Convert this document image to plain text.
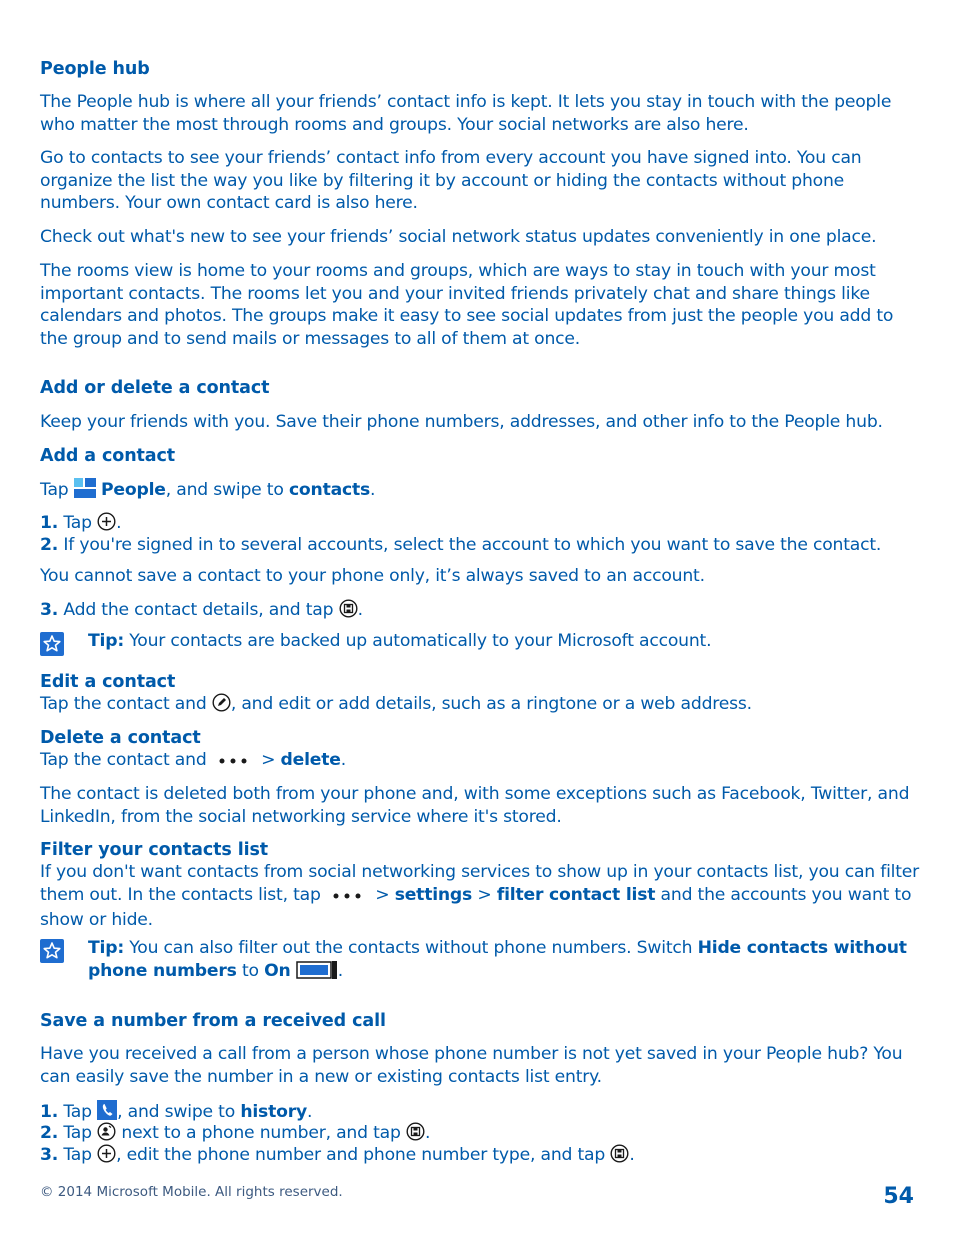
People hub
The People hub is where all your friends’ contact info is kept. It lets you stay in touch with the people who matter the most through rooms and groups. Your social networks are also here.
Go to contacts to see your friends’ contact info from every account you have signed into. You can organize the list the way you like by filtering it by account or hiding the contacts without phone numbers. Your own contact card is also here.
Check out what's new to see your friends’ social network status updates conveniently in one place.
The rooms view is home to your rooms and groups, which are ways to stay in touch with your most important contacts. The rooms let you and your invited friends privately chat and share things like calendars and photos. The groups make it easy to see social updates from just the people you add to the group and to send mails or messages to all of them at once.
Add or delete a contact
Keep your friends with you. Save their phone numbers, addresses, and other info to the People hub.
Add a contact
Tap People, and swipe to contacts.
1. Tap .
2. If you're signed in to several accounts, select the account to which you want to save the contact.
You cannot save a contact to your phone only, it’s always saved to an account.
3. Add the contact details, and tap .
Tip: Your contacts are backed up automatically to your Microsoft account.
Edit a contact
Tap the contact and , and edit or add details, such as a ringtone or a web address.
Delete a contact
Tap the contact and	> delete.
The contact is deleted both from your phone and, with some exceptions such as Facebook, Twitter, and LinkedIn, from the social networking service where it's stored.
Filter your contacts list
If you don't want contacts from social networking services to show up in your contacts list, you can filter them out. In the contacts list, tap	> settings > filter contact list and the accounts you want to show or hide.
Tip: You can also filter out the contacts without phone numbers. Switch Hide contacts without phone numbers to On	.
Save a number from a received call
Have you received a call from a person whose phone number is not yet saved in your People hub? You can easily save the number in a new or existing contacts list entry.
1. Tap , and swipe to history.
2. Tap next to a phone number, and tap .
3. Tap , edit the phone number and phone number type, and tap .
© 2014 Microsoft Mobile. All rights reserved.	54
